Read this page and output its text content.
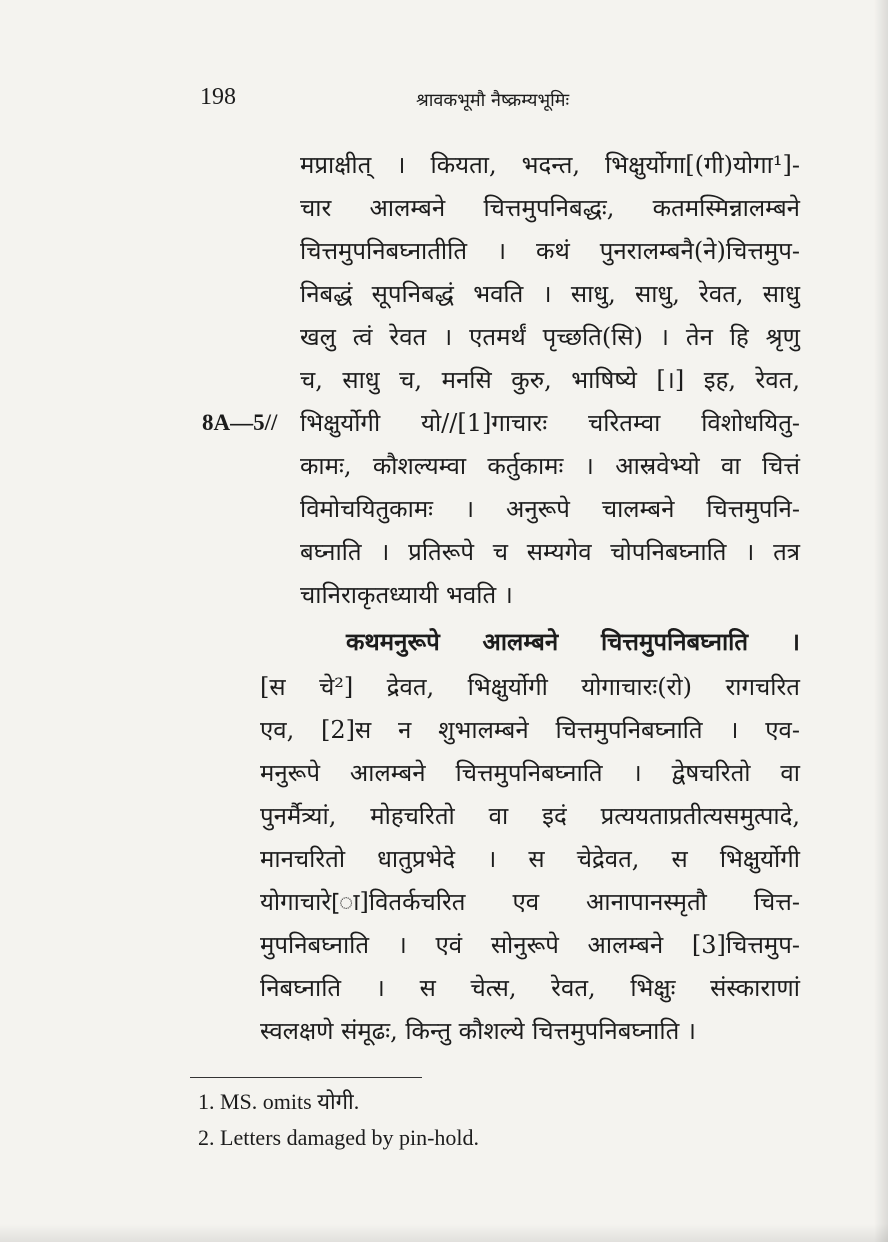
198	श्रावकभूमौ नैष्क्रम्यभूमिः
मप्राक्षीत् । कियता, भदन्त, भिक्षुर्योगा[(गी)योगा¹]-
चार आलम्बने चित्तमुपनिबद्धः, कतमस्मिन्नालम्बने
चित्तमुपनिबघ्नातीति । कथं पुनरालम्बनै(ने)चित्तमुप-
निबद्धं सूपनिबद्धं भवति । साधु, साधु, रेवत, साधु
खलु त्वं रेवत । एतमर्थं पृच्छति(सि) । तेन हि श्रृणु
च, साधु च, मनसि कुरु, भाषिष्ये [।] इह, रेवत,
8A—5// भिक्षुर्योगी यो//[1]गाचारः चरितम्वा विशोधयितु-
कामः, कौशल्यम्वा कर्तुकामः । आस्रवेभ्यो वा चित्तं
विमोचयितुकामः । अनुरूपे चालम्बने चित्तमुपनि-
बघ्नाति । प्रतिरूपे च सम्यगेव चोपनिबघ्नाति । तत्र
चानिराकृतध्यायी भवति ।
कथमनुरूपे आलम्बने चित्तमुपनिबघ्नाति ।
[स चे²] द्रेवत, भिक्षुर्योगी योगाचारः(रो) रागचरित
एव, [2]स न शुभालम्बने चित्तमुपनिबघ्नाति । एव-
मनुरूपे आलम्बने चित्तमुपनिबघ्नाति । द्वेषचरितो वा
पुनर्मैत्र्यां, मोहचरितो वा इदं प्रत्ययताप्रतीत्यसमुत्पादे,
मानचरितो धातुप्रभेदे । स चेद्रेवत, स भिक्षुर्योगी
योगाचारे[ा]वितर्कचरित एव आनापानस्मृतौ चित्त-
मुपनिबघ्नाति । एवं सोनुरूपे आलम्बने [3]चित्तमुप-
निबघ्नाति । स चेत्स, रेवत, भिक्षुः संस्काराणां
स्वलक्षणे संमूढः, किन्तु कौशल्ये चित्तमुपनिबघ्नाति ।
1. MS. omits योगी.
2. Letters damaged by pin-hold.
